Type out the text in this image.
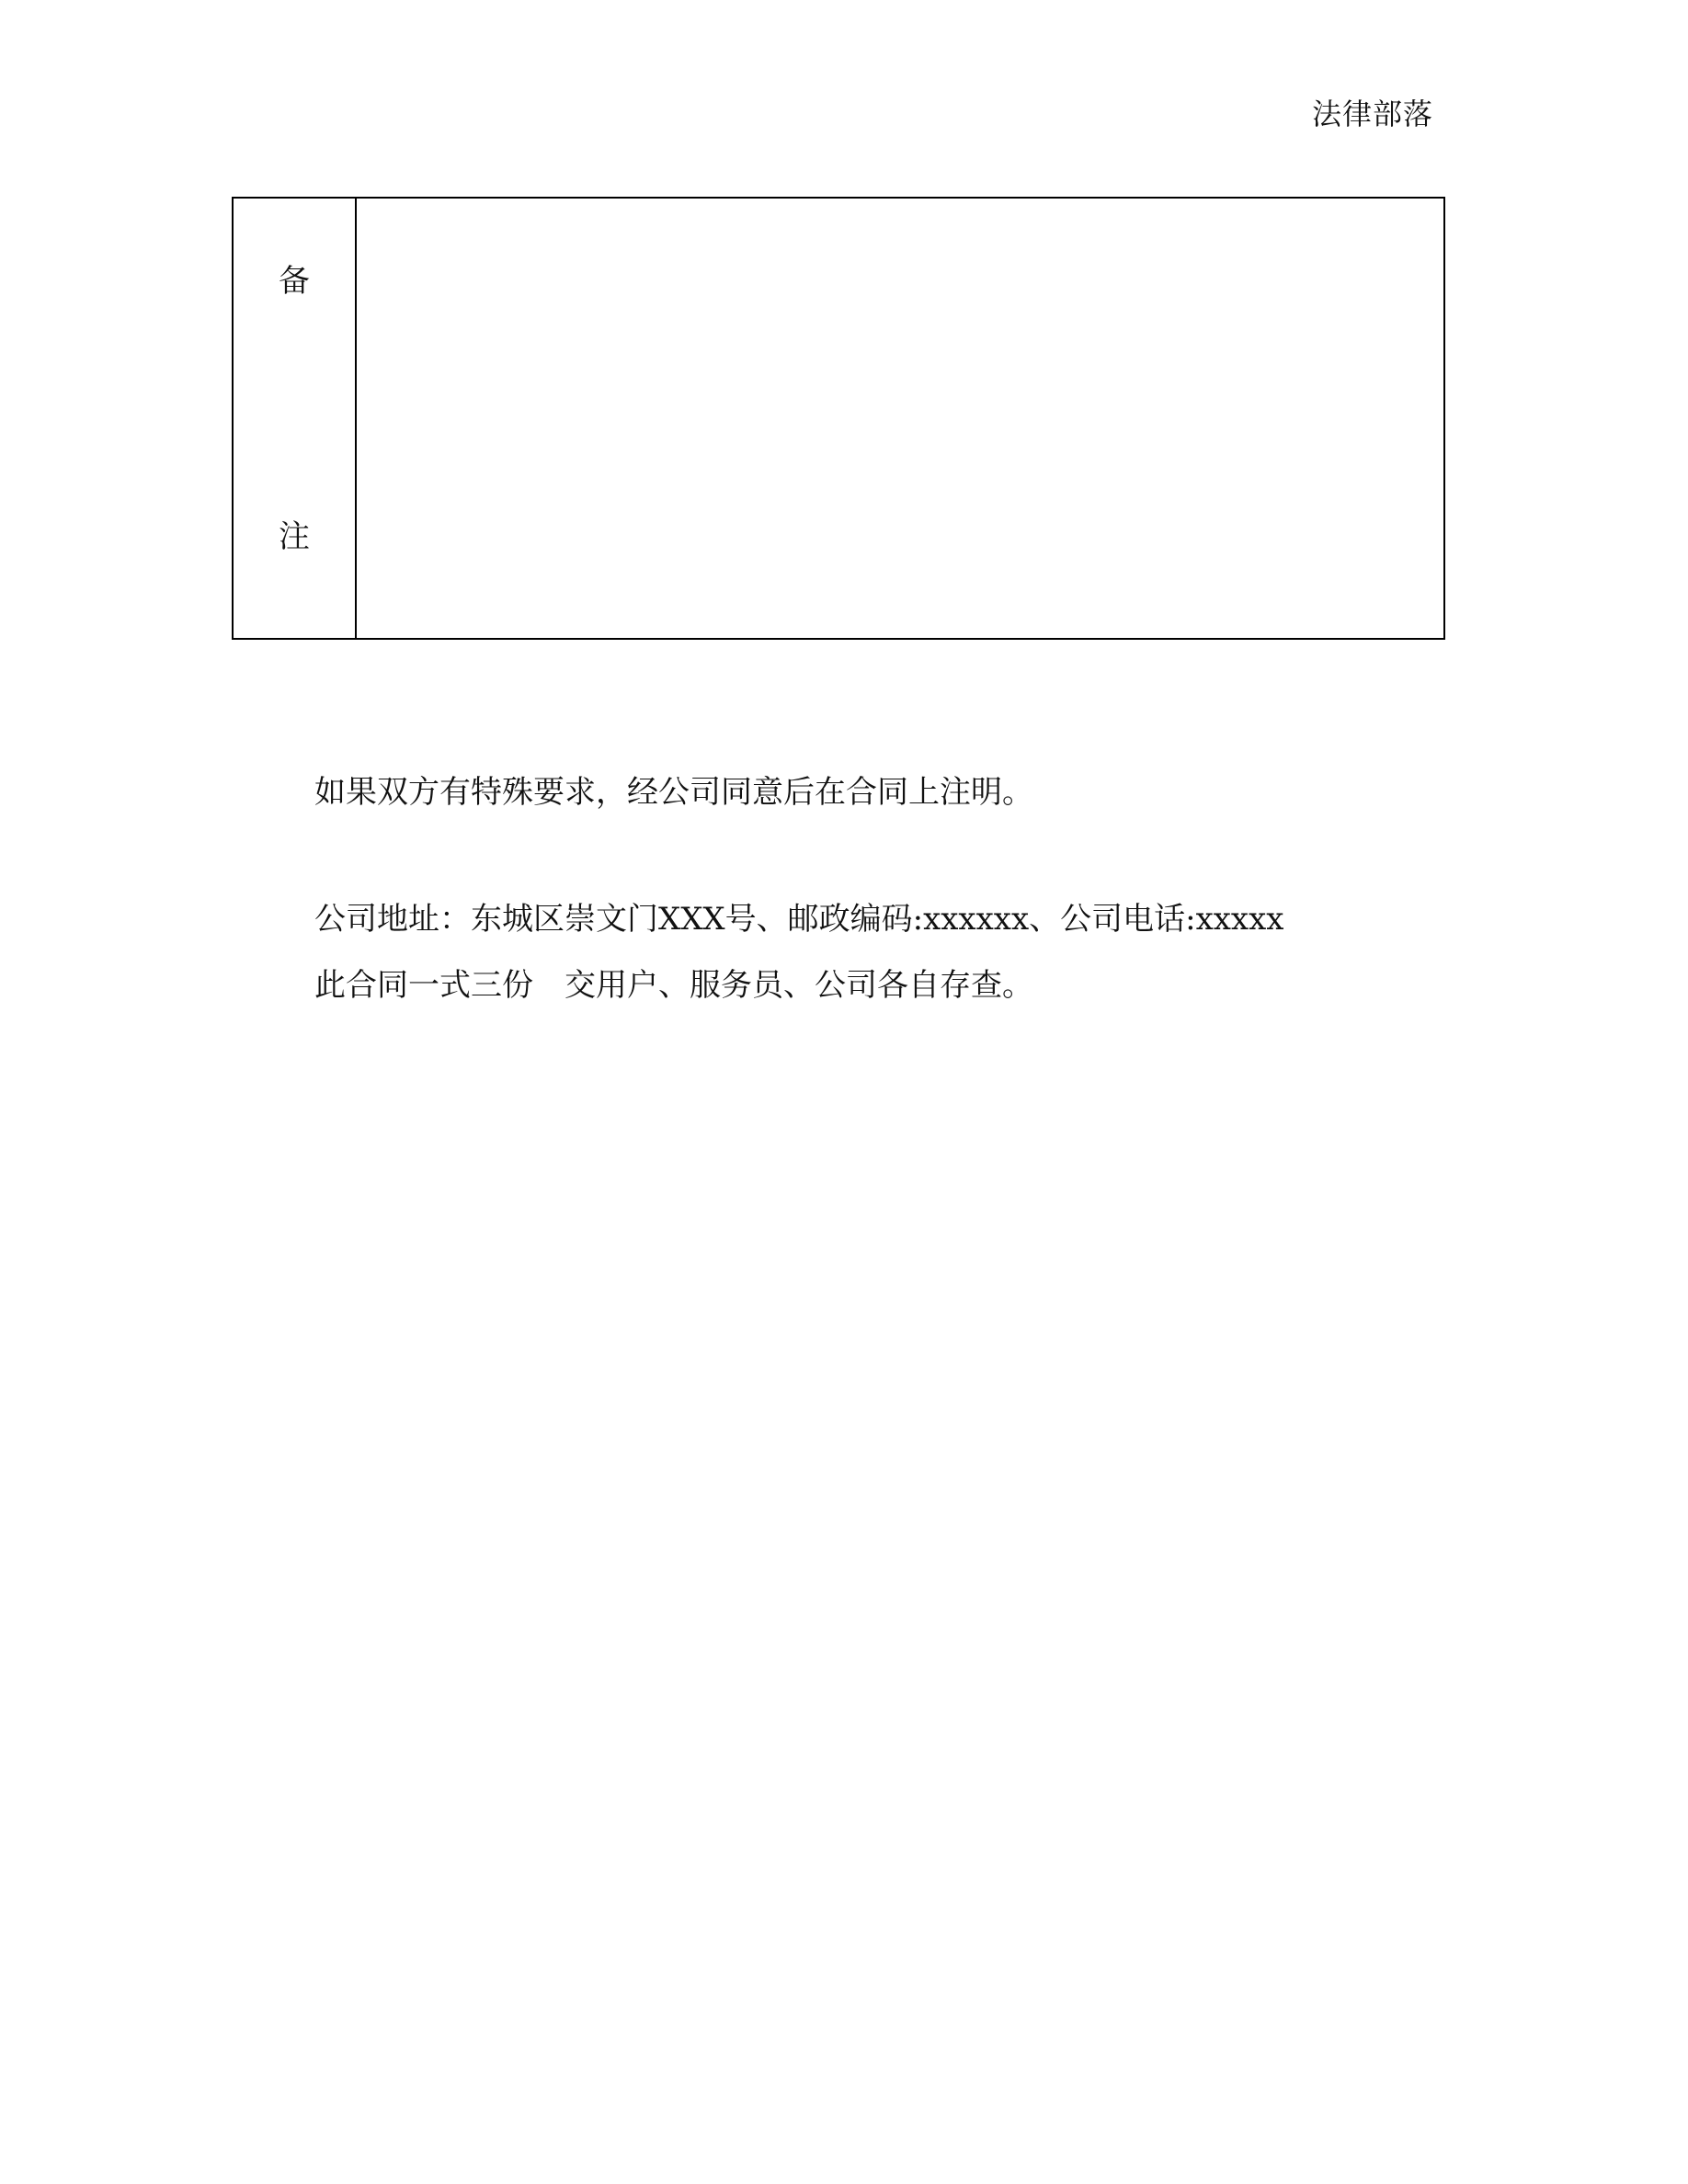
法律部落
备
注
如果双方有特殊要求，经公司同意后在合同上注明。
公司地址：东城区崇文门XXX号、邮政编码:xxxxxx、公司电话:xxxxx
此合同一式三份　交用户、服务员、公司各自存查。
